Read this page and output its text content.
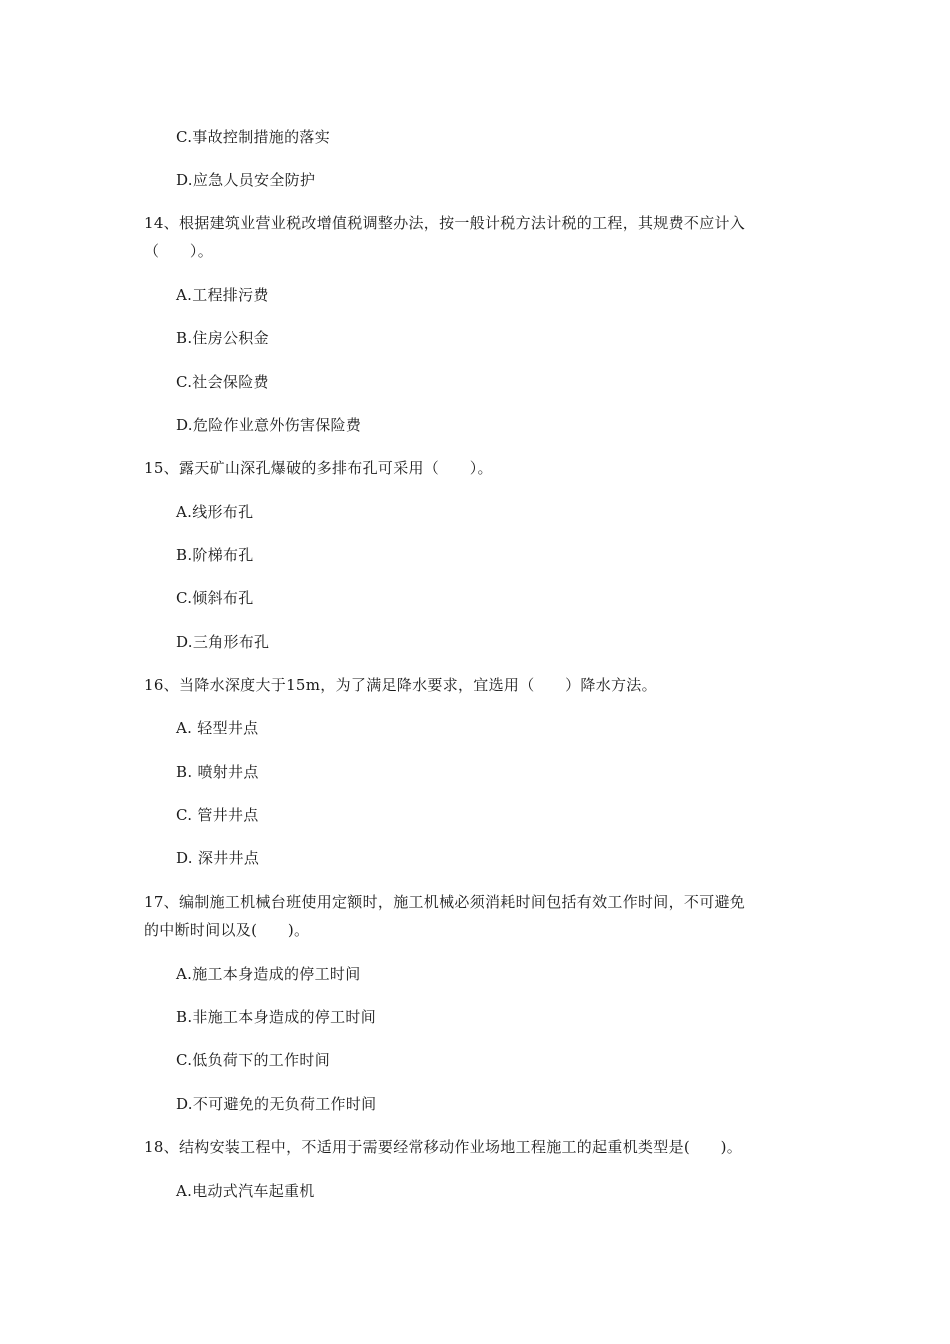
C.事故控制措施的落实
D.应急人员安全防护
14、根据建筑业营业税改增值税调整办法，按一般计税方法计税的工程，其规费不应计入
（　　）。
A.工程排污费
B.住房公积金
C.社会保险费
D.危险作业意外伤害保险费
15、露天矿山深孔爆破的多排布孔可采用（　　）。
A.线形布孔
B.阶梯布孔
C.倾斜布孔
D.三角形布孔
16、当降水深度大于15m，为了满足降水要求，宜选用（　　）降水方法。
A. 轻型井点
B. 喷射井点
C. 管井井点
D. 深井井点
17、编制施工机械台班使用定额时，施工机械必须消耗时间包括有效工作时间，不可避免
的中断时间以及(　　)。
A.施工本身造成的停工时间
B.非施工本身造成的停工时间
C.低负荷下的工作时间
D.不可避免的无负荷工作时间
18、结构安装工程中，不适用于需要经常移动作业场地工程施工的起重机类型是(　　)。
A.电动式汽车起重机
